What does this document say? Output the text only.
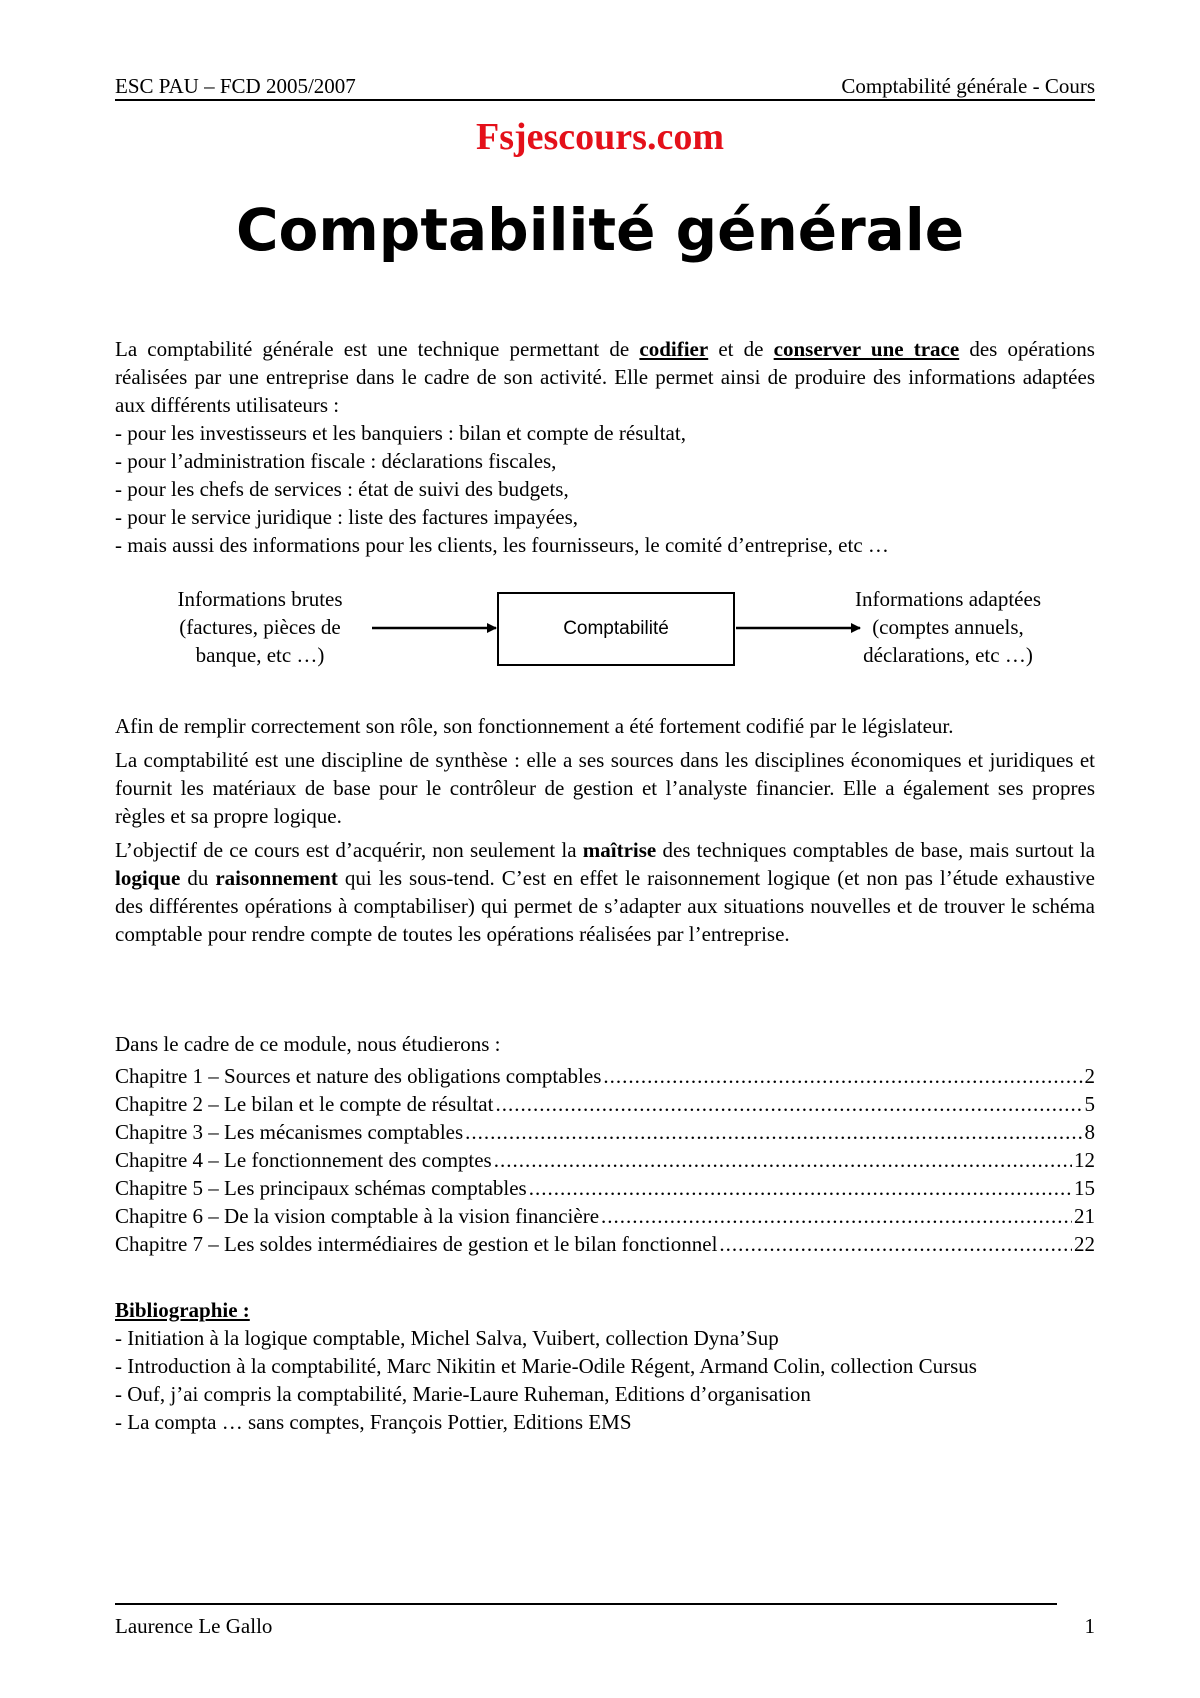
ESC PAU – FCD 2005/2007	Comptabilité générale - Cours
Fsjescours.com
Comptabilité générale

La comptabilité générale est une technique permettant de codifier et de conserver une trace des opérations réalisées par une entreprise dans le cadre de son activité. Elle permet ainsi de produire des informations adaptées aux différents utilisateurs :

- pour les investisseurs et les banquiers : bilan et compte de résultat,
- pour l’administration fiscale : déclarations fiscales,
- pour les chefs de services : état de suivi des budgets,
- pour le service juridique : liste des factures impayées,
- mais aussi des informations pour les clients, les fournisseurs, le comité d’entreprise, etc …
Informations brutes
(factures, pièces de
banque, etc …)
Comptabilité
Informations adaptées
(comptes annuels,
déclarations, etc …)

Afin de remplir correctement son rôle, son fonctionnement a été fortement codifié par le législateur.

La comptabilité est une discipline de synthèse : elle a ses sources dans les disciplines économiques et juridiques et fournit les matériaux de base pour le contrôleur de gestion et l’analyste financier. Elle a également ses propres règles et sa propre logique.

L’objectif de ce cours est d’acquérir, non seulement la maîtrise des techniques comptables de base, mais surtout la logique du raisonnement qui les sous-tend. C’est en effet le raisonnement logique (et non pas l’étude exhaustive des différentes opérations à comptabiliser) qui permet de s’adapter aux situations nouvelles et de trouver le schéma comptable pour rendre compte de toutes les opérations réalisées par l’entreprise.

Dans le cadre de ce module, nous étudierons :

Chapitre 1 – Sources et nature des obligations comptables .....	2
Chapitre 2 – Le bilan et le compte de résultat .....	5
Chapitre 3 – Les mécanismes comptables .....	8
Chapitre 4 – Le fonctionnement des comptes .....	12
Chapitre 5 – Les principaux schémas comptables .....	15
Chapitre 6 – De la vision comptable à la vision financière .....	21
Chapitre 7 – Les soldes intermédiaires de gestion et le bilan fonctionnel .....	22

Bibliographie :

- Initiation à la logique comptable, Michel Salva, Vuibert, collection Dyna’Sup
- Introduction à la comptabilité, Marc Nikitin et Marie-Odile Régent, Armand Colin, collection Cursus
- Ouf, j’ai compris la comptabilité, Marie-Laure Ruheman, Editions d’organisation
- La compta … sans comptes, François Pottier, Editions EMS
Laurence Le Gallo	1
